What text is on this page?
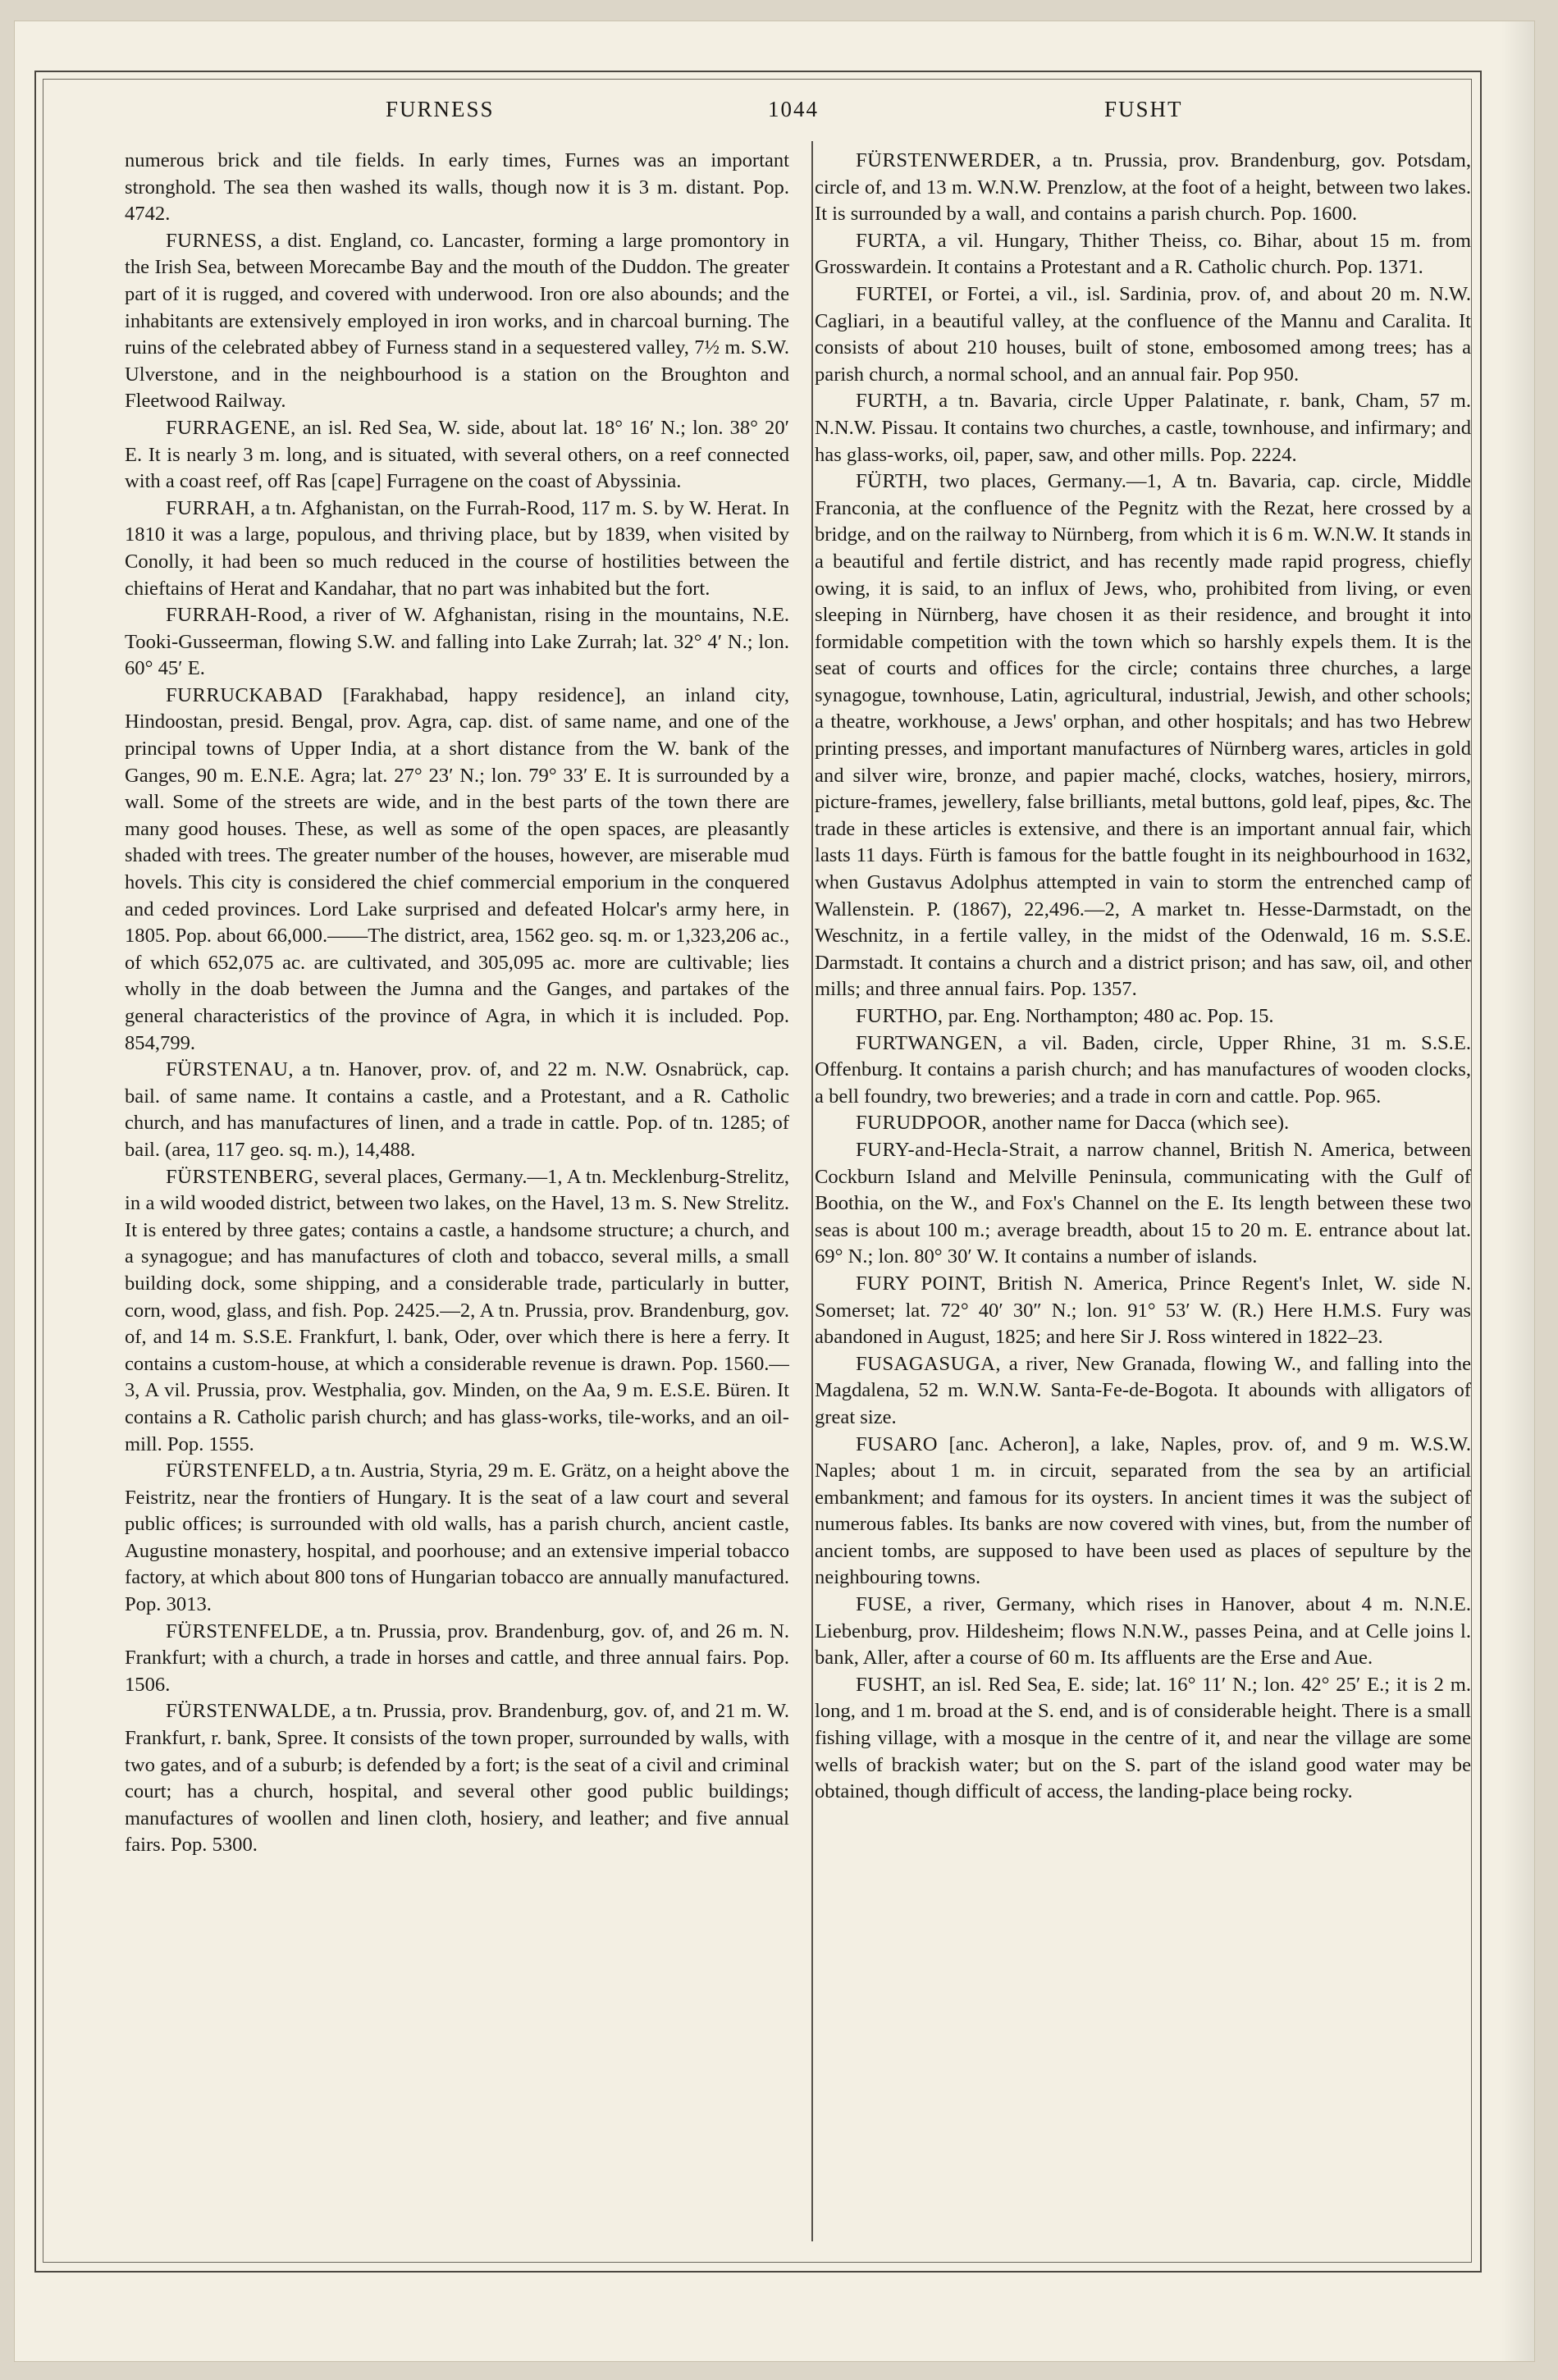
FURNESS	1044	FUSHT

numerous brick and tile fields. In early times, Furnes was an important stronghold. The sea then washed its walls, though now it is 3 m. distant. Pop. 4742.

FURNESS, a dist. England, co. Lancaster, forming a large promontory in the Irish Sea, between Morecambe Bay and the mouth of the Duddon. The greater part of it is rugged, and covered with underwood. Iron ore also abounds; and the inhabitants are extensively employed in iron works, and in charcoal burning. The ruins of the celebrated abbey of Furness stand in a sequestered valley, 7½ m. S.W. Ulverstone, and in the neighbourhood is a station on the Broughton and Fleetwood Railway.

FURRAGENE, an isl. Red Sea, W. side, about lat. 18° 16′ N.; lon. 38° 20′ E. It is nearly 3 m. long, and is situated, with several others, on a reef connected with a coast reef, off Ras [cape] Furragene on the coast of Abyssinia.

FURRAH, a tn. Afghanistan, on the Furrah-Rood, 117 m. S. by W. Herat. In 1810 it was a large, populous, and thriving place, but by 1839, when visited by Conolly, it had been so much reduced in the course of hostilities between the chieftains of Herat and Kandahar, that no part was inhabited but the fort.

FURRAH-Rood, a river of W. Afghanistan, rising in the mountains, N.E. Tooki-Gusseerman, flowing S.W. and falling into Lake Zurrah; lat. 32° 4′ N.; lon. 60° 45′ E.

FURRUCKABAD [Farakhabad, happy residence], an inland city, Hindoostan, presid. Bengal, prov. Agra, cap. dist. of same name, and one of the principal towns of Upper India, at a short distance from the W. bank of the Ganges, 90 m. E.N.E. Agra; lat. 27° 23′ N.; lon. 79° 33′ E. It is surrounded by a wall. Some of the streets are wide, and in the best parts of the town there are many good houses. These, as well as some of the open spaces, are pleasantly shaded with trees. The greater number of the houses, however, are miserable mud hovels. This city is considered the chief commercial emporium in the conquered and ceded provinces. Lord Lake surprised and defeated Holcar's army here, in 1805. Pop. about 66,000.——The district, area, 1562 geo. sq. m. or 1,323,206 ac., of which 652,075 ac. are cultivated, and 305,095 ac. more are cultivable; lies wholly in the doab between the Jumna and the Ganges, and partakes of the general characteristics of the province of Agra, in which it is included. Pop. 854,799.

FÜRSTENAU, a tn. Hanover, prov. of, and 22 m. N.W. Osnabrück, cap. bail. of same name. It contains a castle, and a Protestant, and a R. Catholic church, and has manufactures of linen, and a trade in cattle. Pop. of tn. 1285; of bail. (area, 117 geo. sq. m.), 14,488.

FÜRSTENBERG, several places, Germany.—1, A tn. Mecklenburg-Strelitz, in a wild wooded district, between two lakes, on the Havel, 13 m. S. New Strelitz. It is entered by three gates; contains a castle, a handsome structure; a church, and a synagogue; and has manufactures of cloth and tobacco, several mills, a small building dock, some shipping, and a considerable trade, particularly in butter, corn, wood, glass, and fish. Pop. 2425.—2, A tn. Prussia, prov. Brandenburg, gov. of, and 14 m. S.S.E. Frankfurt, l. bank, Oder, over which there is here a ferry. It contains a custom-house, at which a considerable revenue is drawn. Pop. 1560.—3, A vil. Prussia, prov. Westphalia, gov. Minden, on the Aa, 9 m. E.S.E. Büren. It contains a R. Catholic parish church; and has glass-works, tile-works, and an oil-mill. Pop. 1555.

FÜRSTENFELD, a tn. Austria, Styria, 29 m. E. Grätz, on a height above the Feistritz, near the frontiers of Hungary. It is the seat of a law court and several public offices; is surrounded with old walls, has a parish church, ancient castle, Augustine monastery, hospital, and poorhouse; and an extensive imperial tobacco factory, at which about 800 tons of Hungarian tobacco are annually manufactured. Pop. 3013.

FÜRSTENFELDE, a tn. Prussia, prov. Brandenburg, gov. of, and 26 m. N. Frankfurt; with a church, a trade in horses and cattle, and three annual fairs. Pop. 1506.

FÜRSTENWALDE, a tn. Prussia, prov. Brandenburg, gov. of, and 21 m. W. Frankfurt, r. bank, Spree. It consists of the town proper, surrounded by walls, with two gates, and of a suburb; is defended by a fort; is the seat of a civil and criminal court; has a church, hospital, and several other good public buildings; manufactures of woollen and linen cloth, hosiery, and leather; and five annual fairs. Pop. 5300.

FÜRSTENWERDER, a tn. Prussia, prov. Brandenburg, gov. Potsdam, circle of, and 13 m. W.N.W. Prenzlow, at the foot of a height, between two lakes. It is surrounded by a wall, and contains a parish church. Pop. 1600.

FURTA, a vil. Hungary, Thither Theiss, co. Bihar, about 15 m. from Grosswardein. It contains a Protestant and a R. Catholic church. Pop. 1371.

FURTEI, or Fortei, a vil., isl. Sardinia, prov. of, and about 20 m. N.W. Cagliari, in a beautiful valley, at the confluence of the Mannu and Caralita. It consists of about 210 houses, built of stone, embosomed among trees; has a parish church, a normal school, and an annual fair. Pop 950.

FURTH, a tn. Bavaria, circle Upper Palatinate, r. bank, Cham, 57 m. N.N.W. Pissau. It contains two churches, a castle, townhouse, and infirmary; and has glass-works, oil, paper, saw, and other mills. Pop. 2224.

FÜRTH, two places, Germany.—1, A tn. Bavaria, cap. circle, Middle Franconia, at the confluence of the Pegnitz with the Rezat, here crossed by a bridge, and on the railway to Nürnberg, from which it is 6 m. W.N.W. It stands in a beautiful and fertile district, and has recently made rapid progress, chiefly owing, it is said, to an influx of Jews, who, prohibited from living, or even sleeping in Nürnberg, have chosen it as their residence, and brought it into formidable competition with the town which so harshly expels them. It is the seat of courts and offices for the circle; contains three churches, a large synagogue, townhouse, Latin, agricultural, industrial, Jewish, and other schools; a theatre, workhouse, a Jews' orphan, and other hospitals; and has two Hebrew printing presses, and important manufactures of Nürnberg wares, articles in gold and silver wire, bronze, and papier maché, clocks, watches, hosiery, mirrors, picture-frames, jewellery, false brilliants, metal buttons, gold leaf, pipes, &c. The trade in these articles is extensive, and there is an important annual fair, which lasts 11 days. Fürth is famous for the battle fought in its neighbourhood in 1632, when Gustavus Adolphus attempted in vain to storm the entrenched camp of Wallenstein. P. (1867), 22,496.—2, A market tn. Hesse-Darmstadt, on the Weschnitz, in a fertile valley, in the midst of the Odenwald, 16 m. S.S.E. Darmstadt. It contains a church and a district prison; and has saw, oil, and other mills; and three annual fairs. Pop. 1357.

FURTHO, par. Eng. Northampton; 480 ac. Pop. 15.

FURTWANGEN, a vil. Baden, circle, Upper Rhine, 31 m. S.S.E. Offenburg. It contains a parish church; and has manufactures of wooden clocks, a bell foundry, two breweries; and a trade in corn and cattle. Pop. 965.

FURUDPOOR, another name for Dacca (which see).

FURY-and-Hecla-Strait, a narrow channel, British N. America, between Cockburn Island and Melville Peninsula, communicating with the Gulf of Boothia, on the W., and Fox's Channel on the E. Its length between these two seas is about 100 m.; average breadth, about 15 to 20 m. E. entrance about lat. 69° N.; lon. 80° 30′ W. It contains a number of islands.

FURY POINT, British N. America, Prince Regent's Inlet, W. side N. Somerset; lat. 72° 40′ 30″ N.; lon. 91° 53′ W. (R.) Here H.M.S. Fury was abandoned in August, 1825; and here Sir J. Ross wintered in 1822–23.

FUSAGASUGA, a river, New Granada, flowing W., and falling into the Magdalena, 52 m. W.N.W. Santa-Fe-de-Bogota. It abounds with alligators of great size.

FUSARO [anc. Acheron], a lake, Naples, prov. of, and 9 m. W.S.W. Naples; about 1 m. in circuit, separated from the sea by an artificial embankment; and famous for its oysters. In ancient times it was the subject of numerous fables. Its banks are now covered with vines, but, from the number of ancient tombs, are supposed to have been used as places of sepulture by the neighbouring towns.

FUSE, a river, Germany, which rises in Hanover, about 4 m. N.N.E. Liebenburg, prov. Hildesheim; flows N.N.W., passes Peina, and at Celle joins l. bank, Aller, after a course of 60 m. Its affluents are the Erse and Aue.

FUSHT, an isl. Red Sea, E. side; lat. 16° 11′ N.; lon. 42° 25′ E.; it is 2 m. long, and 1 m. broad at the S. end, and is of considerable height. There is a small fishing village, with a mosque in the centre of it, and near the village are some wells of brackish water; but on the S. part of the island good water may be obtained, though difficult of access, the landing-place being rocky.
